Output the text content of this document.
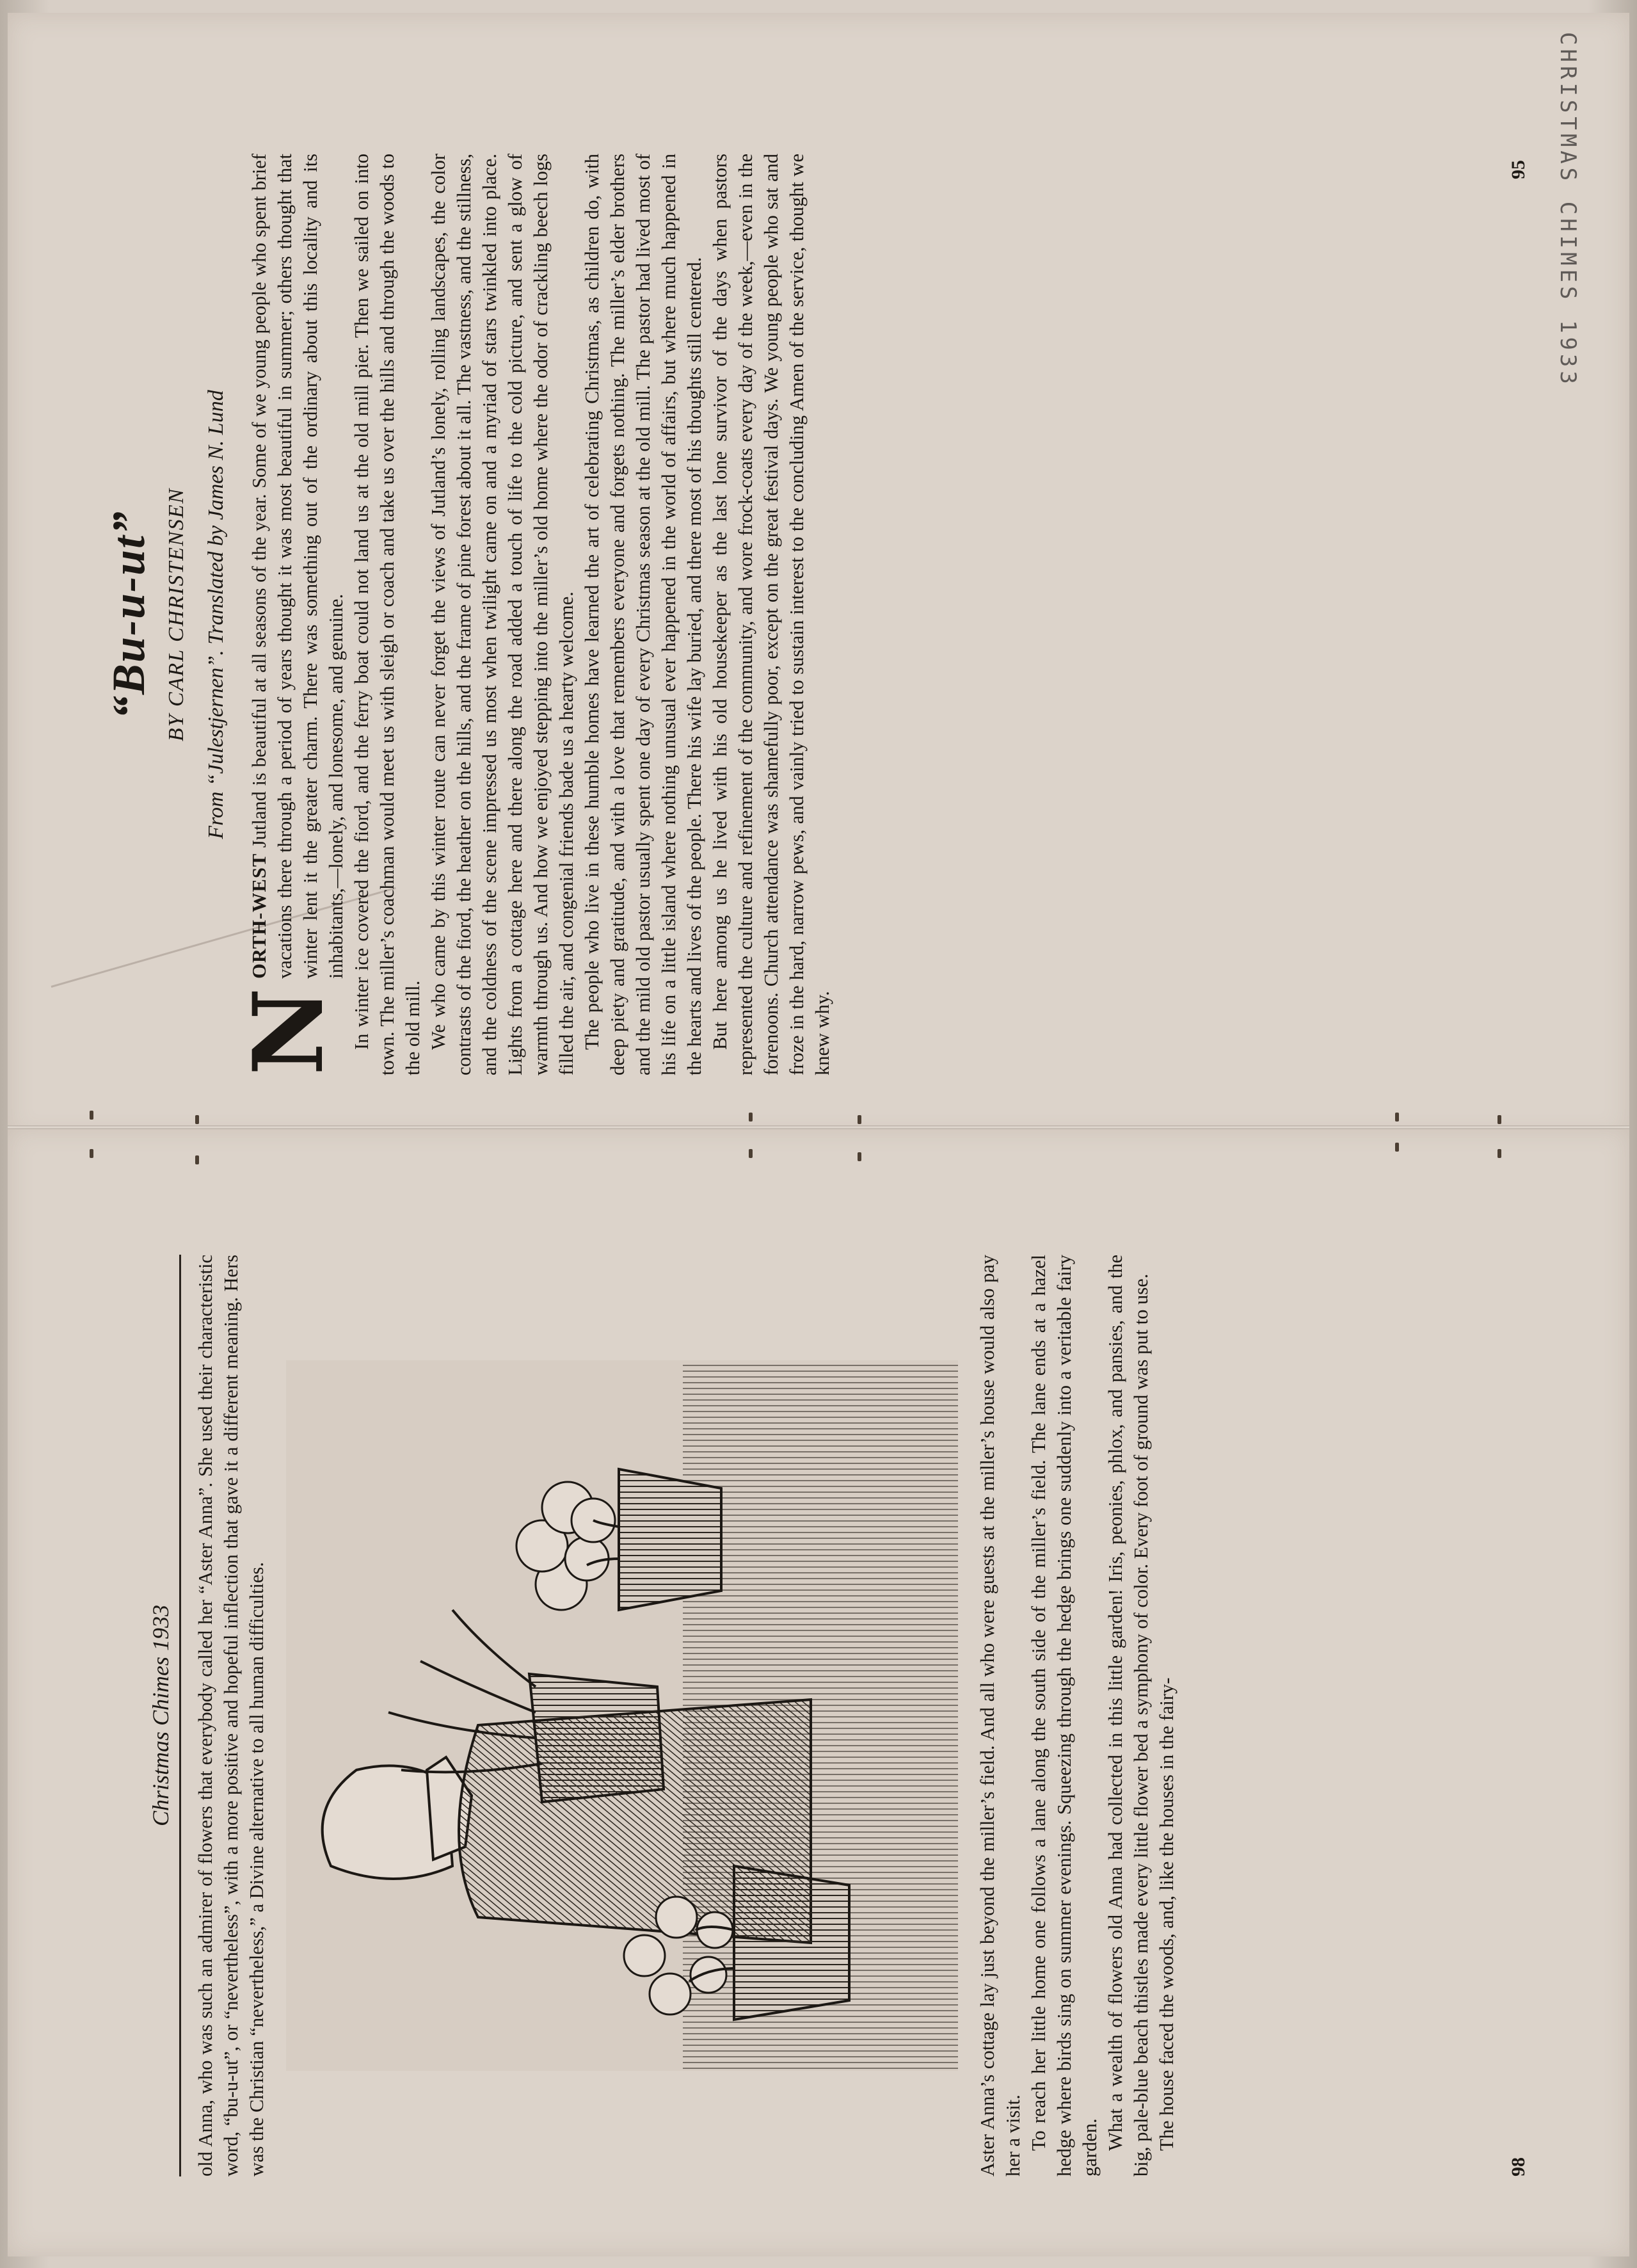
CHRISTMAS CHIMES 1933
“Bu-u-ut” BY CARL CHRISTENSEN From “Julestjernen”. Translated by James N. Lund

N
ORTH-WEST Jutland is beautiful at all seasons of the year. Some of we young people who spent brief vacations there through a period of years thought it was most beautiful in summer; others thought that winter lent it the greater charm. There was something out of the ordinary about this locality and its inhabitants,—lonely, and lonesome, and genuine. In winter ice covered the fiord, and the ferry boat could not land us at the old mill pier. Then we sailed on into town. The miller’s coachman would meet us with sleigh or coach and take us over the hills and through the woods to the old mill. We who came by this winter route can never forget the views of Jutland’s lonely, rolling landscapes, the color contrasts of the fiord, the heather on the hills, and the frame of pine forest about it all. The vastness, and the stillness, and the coldness of the scene impressed us most when twilight came on and a myriad of stars twinkled into place. Lights from a cottage here and there along the road added a touch of life to the cold picture, and sent a glow of warmth through us. And how we enjoyed stepping into the miller’s old home where the odor of crackling beech logs filled the air, and congenial friends bade us a hearty welcome. The people who live in these humble homes have learned the art of celebrating Christmas, as children do, with deep piety and gratitude, and with a love that remembers everyone and forgets nothing. The miller’s elder brothers and the mild old pastor usually spent one day of every Christmas season at the old mill. The pastor had lived most of his life on a little island where nothing unusual ever happened in the world of affairs, but where much happened in the hearts and lives of the people. There his wife lay buried, and there most of his thoughts still centered. But here among us he lived with his old housekeeper as the last lone survivor of the days when pastors represented the culture and refinement of the community, and wore frock-coats every day of the week,—even in the forenoons. Church attendance was shamefully poor, except on the great festival days. We young people who sat and froze in the hard, narrow pews, and vainly tried to sustain interest to the concluding Amen of the service, thought we knew why.

95
Christmas Chimes 1933	old Anna, who was such an admirer of flowers that everybody called her “Aster Anna”. She used their characteristic word, “bu-u-ut”, or “nevertheless”, with a more positive and hopeful inflection that gave it a different meaning. Hers was the Christian “nevertheless,” a Divine alternative to all human difficulties.	Aster Anna’s cottage lay just beyond the miller’s field. And all who were guests at the miller’s house would also pay her a visit. To reach her little home one follows a lane along the south side of the miller’s field. The lane ends at a hazel hedge where birds sing on summer evenings. Squeezing through the hedge brings one suddenly into a veritable fairy garden. What a wealth of flowers old Anna had collected in this little garden! Iris, peonies, phlox, and pansies, and the big, pale-blue beach thistles made every little flower bed a symphony of color. Every foot of ground was put to use. The house faced the woods, and, like the houses in the fairy-

98
